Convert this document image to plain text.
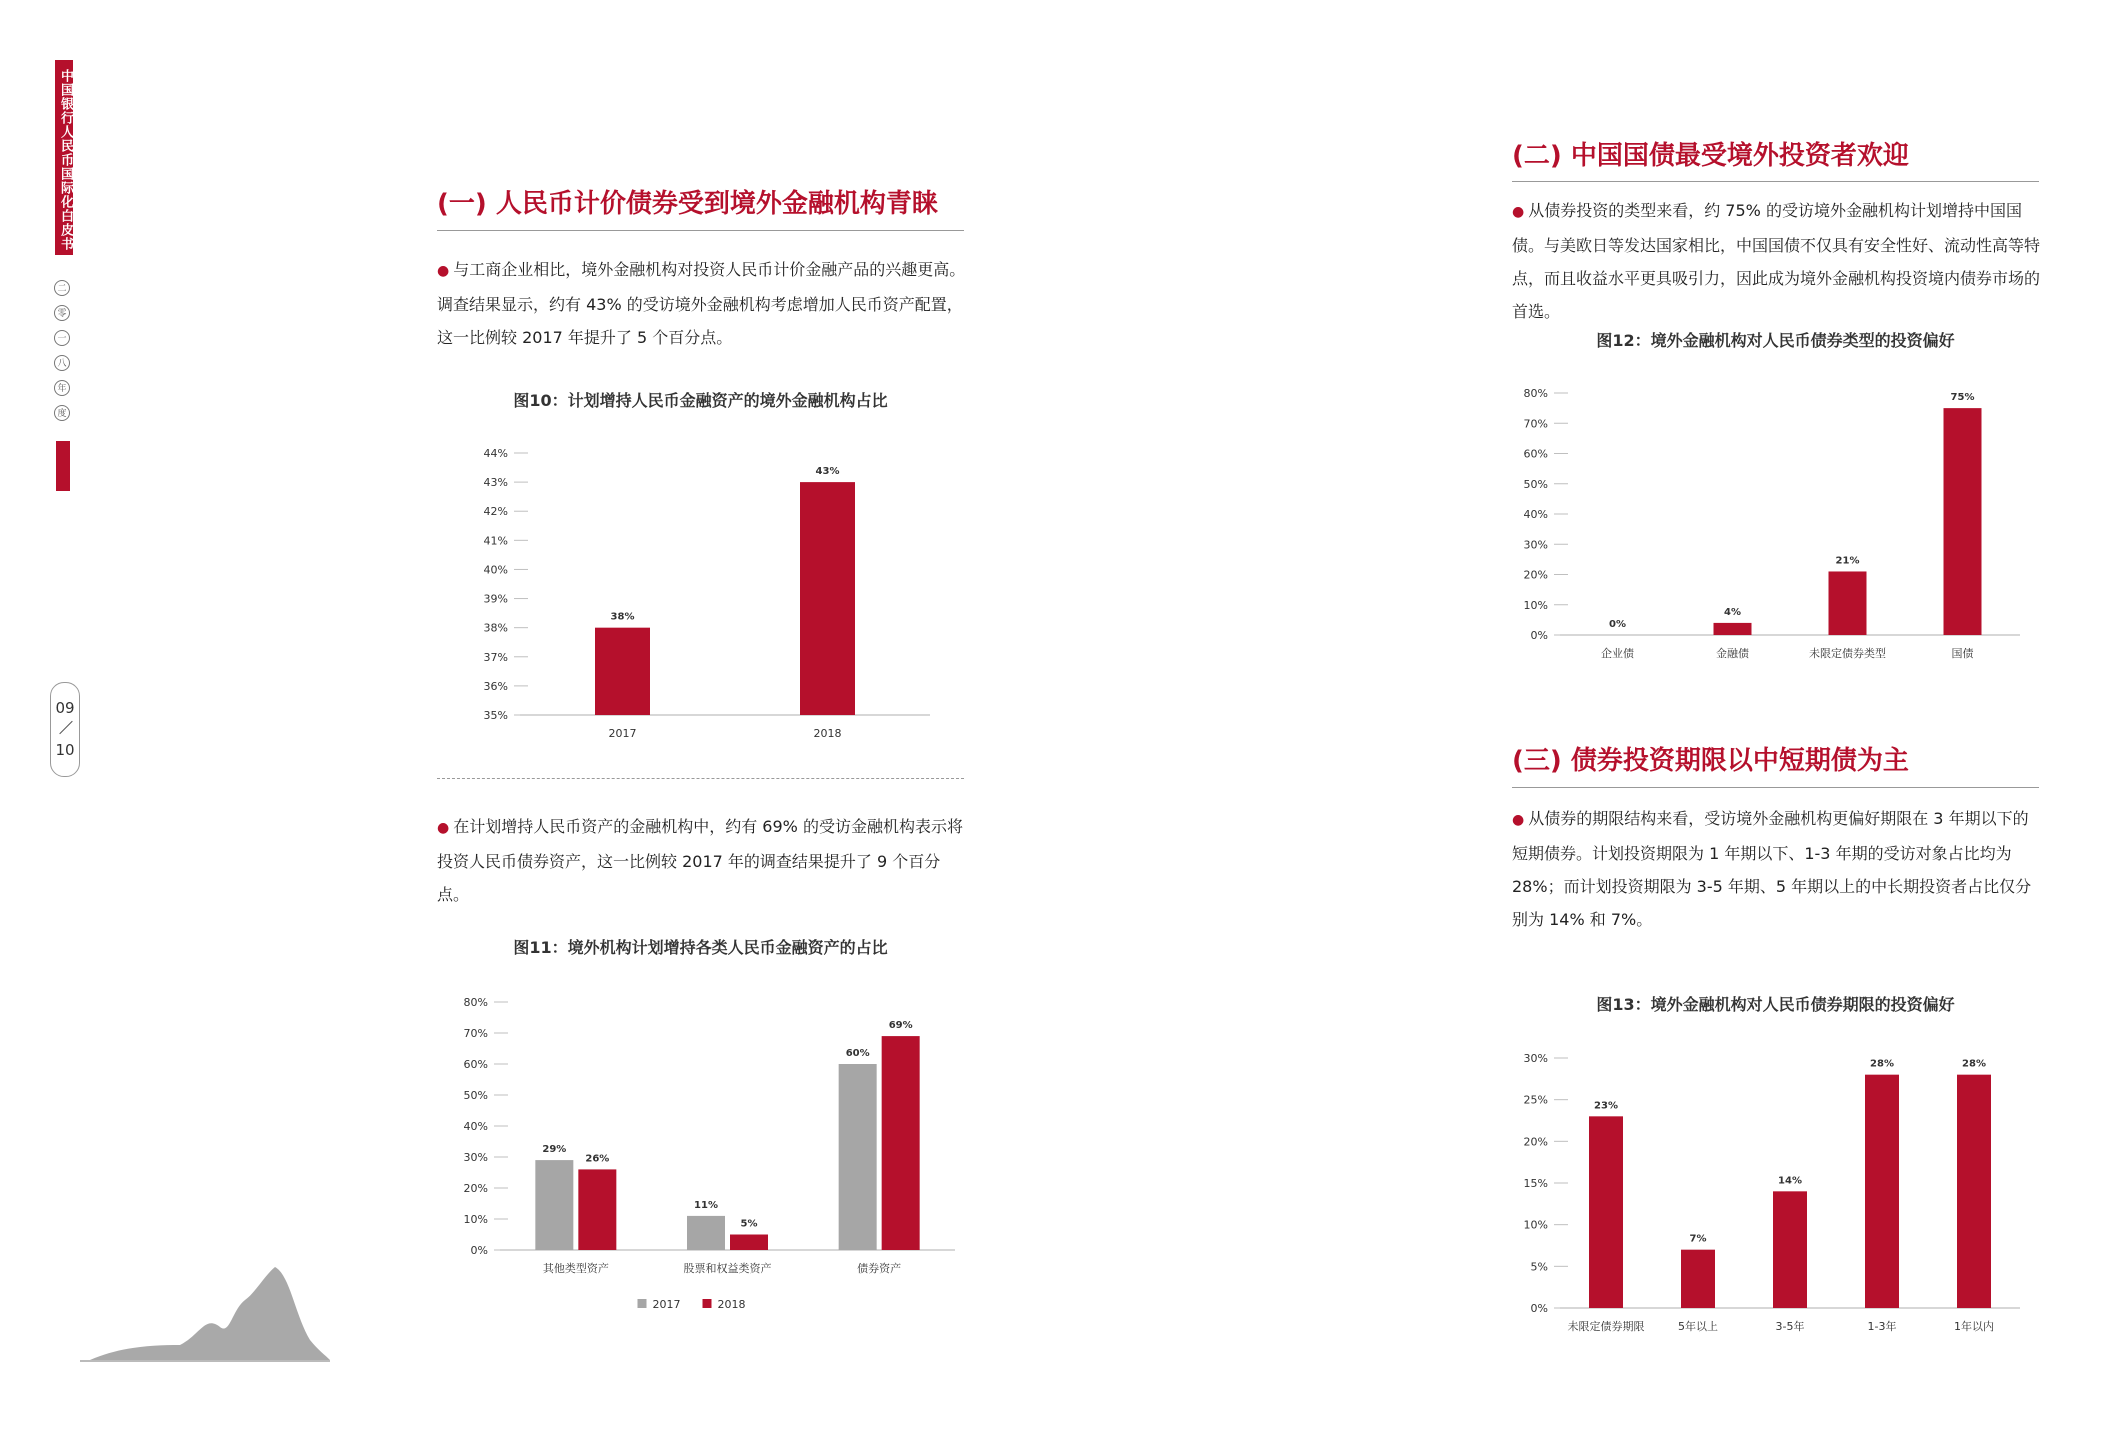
中国银行人民币国际化白皮书
二
零
一
八
年
度
09
10
(一) 人民币计价债券受到境外金融机构青睐
● 与工商企业相比，境外金融机构对投资人民币计价金融产品的兴趣更高。调查结果显示，约有 43% 的受访境外金融机构考虑增加人民币资产配置，这一比例较 2017 年提升了 5 个百分点。
图10：计划增持人民币金融资产的境外金融机构占比
35%
36%
37%
38%
39%
40%
41%
42%
43%
44%
2017	2018
38%
43%
● 在计划增持人民币资产的金融机构中，约有 69% 的受访金融机构表示将投资人民币债券资产，这一比例较 2017 年的调查结果提升了 9 个百分点。
图11：境外机构计划增持各类人民币金融资产的占比
0%
10%
20%
30%
40%
50%
60%
70%
80%
其他类型资产	股票和权益类资产	债券资产
29%
11%
60%
26%
5%
69%
2017	2018
(二) 中国国债最受境外投资者欢迎
● 从债券投资的类型来看，约 75% 的受访境外金融机构计划增持中国国债。与美欧日等发达国家相比，中国国债不仅具有安全性好、流动性高等特点，而且收益水平更具吸引力，因此成为境外金融机构投资境内债券市场的首选。
图12：境外金融机构对人民币债券类型的投资偏好
0%
10%
20%
30%
40%
50%
60%
70%
80%
企业债	金融债	未限定债券类型	国债
0%
4%
21%
75%
(三) 债券投资期限以中短期债为主
● 从债券的期限结构来看，受访境外金融机构更偏好期限在 3 年期以下的短期债券。计划投资期限为 1 年期以下、1-3 年期的受访对象占比均为 28%；而计划投资期限为 3-5 年期、5 年期以上的中长期投资者占比仅分别为 14% 和 7%。
图13：境外金融机构对人民币债券期限的投资偏好
0%
5%
10%
15%
20%
25%
30%
未限定债券期限	5年以上	3-5年	1-3年	1年以内
23%
7%
14%
28%	28%
